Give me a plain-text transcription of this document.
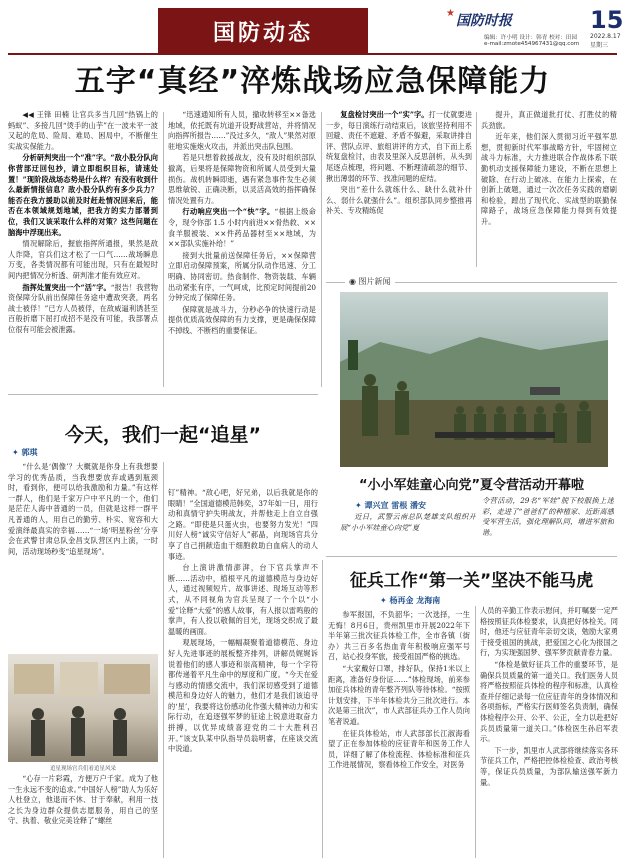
国防动态
★ 国防时报	15
2022.8.17
星期三
编辑：许小明 设计：韩青 校对：田园
e-mail:zmote454967431@qq.com
五字“真经”淬炼战场应急保障能力

◀◀ 王锋 田楠 让官兵多当几回“热锅上的蚂蚁”、多接几回“烫手的山芋”在一波未平一波又起的危局、险局、难局、困局中，不断催生实战实保能力。

分析研判突出一个“准”字。“敌小股分队向你营部迂回包抄，请立即组织目标，请速处置！”现阶段战场态势是什么样？有没有收到什么最新情报信息？敌小股分队约有多少兵力？能否在我方援助以前及时赶赴情况回来后，能否在本领域规划地域，把我方的实力部署到位，我们又该采取什么样的对策？这些问题在脑海中浮现出来。

情况解除后，握旅指挥所通报，果然是敌人诈降，官兵们这才松了一口气……战场瞬息万变，各类情况都有可能出现，只有在最短时间内把情况分析透、研判准才能有效应对。

指挥处置突出一个“活”字。“报告！我营物资保障分队前出保障任务途中遭敌突袭，两名战士被俘！”已方人员被俘，在敌威逼利诱甚至百般折磨下屈打成招不是没有可能，我部署点位很有可能会被泄露。

“迅速通知所有人员，撤收转移至××备选地域，依托既有坑道开设野战营站，并将情况向指挥所报告……”没过多久，“敌人”果然对原驻地实施炮火攻击，并派出突击队包围。

若是只想着救援战友，没有及时组织部队撤离，后果将是保障物资和所属人员受到大量损伤。战机转瞬即逝，遇有紧急事件发生必须思维敏锐、正确决断，以灵活高效的指挥确保情况处置有力。

行动响应突出一个“快”字。“根据上级命令，现令你部 1.5 小时内前进××骨热救、××食羊服被装、××件药品器材至××地域，为××部队实施补给！”

接到大批量前送保障任务后，××保障营立即启动保障预案，所属分队动作迅速、分工明确、协同密切。热食制作、物资装载、车辆出动紧张有序，一气呵成，比预定时间提前20分钟完成了保障任务。

保障就是战斗力，分秒必争的快速行动是提供优质高效保障的有力支撑，更是确保保障不掉线、不断档的重要保证。

复盘检讨突出一个“实”字。打一仗就要进一步，每日演练行动结束后，该旅坚持利用不回避、责任不遮避、矛盾不躲避，采取讲排自评、营队点评、旅组讲评的方式，自下而上系统复盘检讨，由表及里深入反思剖析，从头到尾逐点梳理，将问题、不断理清疏忽的细节、揪出薄弱的环节、找准问题的症结。

突出“差什么就练什么、缺什么就补什么、弱什么就强什么”。组织部队同步整推再补关、专攻精练促

提升，真正做道批打仗、打胜仗的精兵劲旅。

近年来，他们深入贯彻习近平强军思想，贯彻新时代军事战略方针，牢固树立战斗力标准，大力推进联合作战体系下联勤机动支援保障能力建设，不断在思想上破除、在行动上破冰、在能力上探索，在创新上破题，通过一次次任务实践的磨刷和检验，蹚出了现代化、实战型的联勤保障路子，战场应急保障能力得到有效提升。

◉ 图片新闻
“小小军娃童心向党”夏令营活动开幕啦
✦ 谭兴宣 雷根 潘安

近日，武警云南总队楚雄支队组织开展“小小军娃童心向党”夏

令营活动，29名“军娃”脱下校服换上迷彩，走进了“爸爸们”的种植家、近距离感受军营生活，强化理解队同，增进军旅和谐。

今天，我们一起“追星”
✦ 郭琪

“什么是‘偶像’？大概就是你身上有我想要学习的优秀品质，当我想要放弃或遇到瓶颈时，看到你，便可以给我激励和力量。”有这样一群人，他们是千家万户中平凡的一个，他们是茫茫人海中普通的一员，但就是这样一群平凡普通的人，用自己的勤劳、朴实、宽容和大爱演绎最真实的幸福……“一场‘明星粉丝’分享会在武警甘肃总队金昌支队营区内上演，一时间，活动现场秒变“追星现场”。

追星现场官兵们看追星风采

“心存一片彩霞，方便万户千家。成为了他一生永远不变的追求。”中国好人榜”助人为乐好人杜登立，他退而不休、甘于奉献，利用一技之长为身边群众提供志愿服务，用自己的坚守、执着、敬业完美诠释了“螺丝

钉”精神。“敌心吧，好兄弟，以后我就是你的眼睛！”全国道德模范韩奕，37年如一日，用行动和真情守护失明战友，并帮他走上自立自强之路。“即使是只蛋火虫，也要努力发光！”四川好人榜“诚实守信好人”郝晶，向现场官兵分享了自己捐献造血干细胞救助白血病人的动人事迹。

台上演讲激情澎湃，台下官兵掌声不断……活动中，植根平凡的道德模范与身边好人，通过视频短片、故事讲述、现场互动等形式，从不同视角为官兵呈现了一个个以“小爱”诠释“大爱”的感人故事，有人报以雷鸣般的掌声，有人投以敬佩的目光，现场交织成了最温暖的画面。

观展现场，一幅幅凝聚着道德模范、身边好人先进事迹的展板整齐排列，讲解员娓娓诉说着他们的感人事迹和崇高精神，每一个字符都传递着平凡生命中的厚度和广度。“今天在爱与感动的情感交流中，我们深切感受到了道德模范和身边好人的魅力，他们才是我们该追寻的‘星’，我要将这份感动化作强大精神动力和实际行动，在追逐强军梦的征途上锐意进取奋力拼搏，以优异成绩喜迎党的二十大胜利召开。”该支队某中队指导员翁明睿，在座谈交流中说道。

征兵工作“第一关”坚决不能马虎
✦ 杨再金 龙海南

参军报国，不负韶华；一次选择，一生无悔！8月6日，贵州凯里市开展2022年下半年第三批次征兵体检工作，全市各镇（街办）共三百多名热血青年积极响应强军号召，站心投身军旅，接受祖国严格的挑选。

“大家戴好口罩，排好队，保持1米以上距离，准备好身份证……”体检现场，前来参加征兵体检的青年整齐列队等待体检。“按照计划安排，下半年体检共分三批次进行。本次是第三批次”，市人武部征兵办工作人员向笔者说道。

在征兵体检站，市人武部部长江淑海看望了正在参加体检的应征青年和医务工作人员，详细了解了体检流程、体检标准和征兵工作进展情况，察看体检工作安全，对医务

人员的辛勤工作表示慰问，并叮嘱要一定严格按照征兵体检要求，认真把好体检关。同时，他还与应征青年亲切交谈，勉励大家勇于接受祖国的挑战，把爱国之心化为报国之行，为实现强国梦、强军梦贡献青春力量。

“体检是做好征兵工作的重要环节，是确保兵员质量的第一道关口。我们医务人员将严格按照征兵体检的程序和标准，认真检查并仔细记录每一位应征青年的身体情况和各项指标，严格实行医师签名负责制，确保体检程序公开、公平、公正，全力以赴把好兵员质量第一道关口。”体检医生孙启军表示。

下一步，凯里市人武部将继续落实各环节征兵工作，严格把控体检检查、政治考核等，保证兵员质量，为部队输送强军新力量。
